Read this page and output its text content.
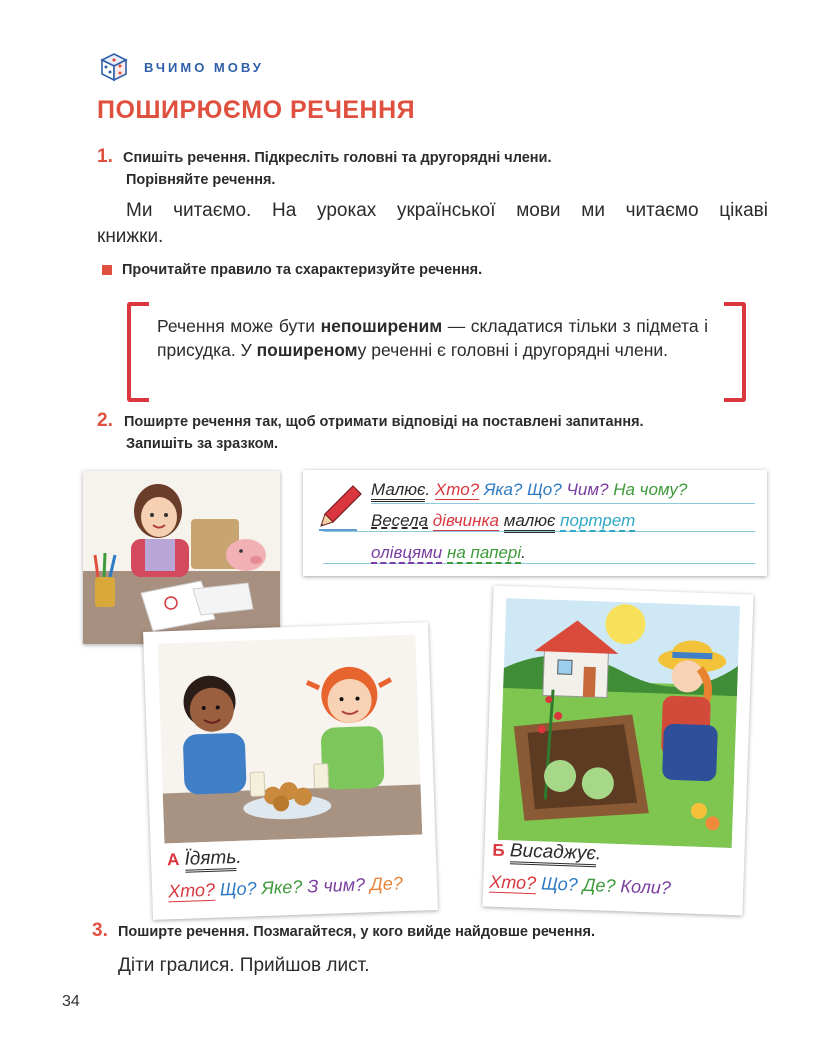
ВЧИМО МОВУ
ПОШИРЮЄМО РЕЧЕННЯ
1. Спишіть речення. Підкресліть головні та другорядні члени.
Порівняйте речення.
Ми читаємо. На уроках української мови ми читаємо цікаві
книжки.
Прочитайте правило та схарактеризуйте речення.
Речення може бути непоширеним — складатися тільки з підмета і присудка. У поширеному реченні є головні і другорядні члени.
2. Поширте речення так, щоб отримати відповіді на поставлені запитання.
Запишіть за зразком.
Малює. Хто? Яка? Що? Чим? На чому?
Весела дівчинка малює портрет
олівцями на папері.
А Їдять.
Хто? Що? Яке? З чим? Де?
Б Висаджує.
Хто? Що? Де? Коли?
3. Поширте речення. Позмагайтеся, у кого вийде найдовше речення.
Діти гралися. Прийшов лист.
34
